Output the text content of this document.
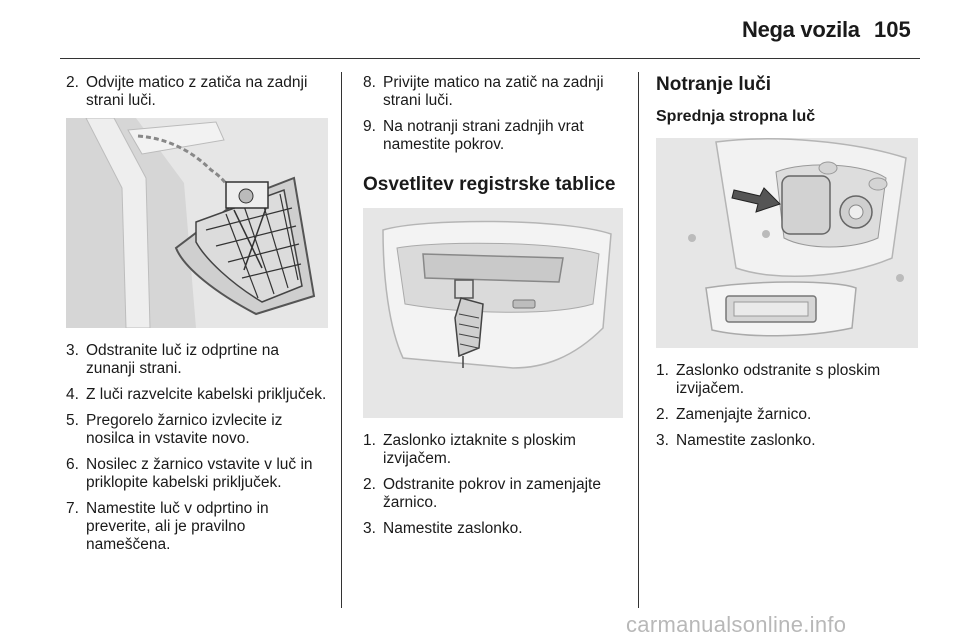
Nega vozila 105
2. Odvijte matico z zatiča na zadnji strani luči.
3. Odstranite luč iz odprtine na zunanji strani.
4. Z luči razvelcite kabelski priključek.
5. Pregorelo žarnico izvlecite iz nosilca in vstavite novo.
6. Nosilec z žarnico vstavite v luč in priklopite kabelski priključek.
7. Namestite luč v odprtino in preverite, ali je pravilno nameščena.
8. Privijte matico na zatič na zadnji strani luči.
9. Na notranji strani zadnjih vrat namestite pokrov.
Osvetlitev registrske tablice
1. Zaslonko iztaknite s ploskim izvijačem.
2. Odstranite pokrov in zamenjajte žarnico.
3. Namestite zaslonko.
Notranje luči
Sprednja stropna luč
1. Zaslonko odstranite s ploskim izvijačem.
2. Zamenjajte žarnico.
3. Namestite zaslonko.
carmanualsonline.info
